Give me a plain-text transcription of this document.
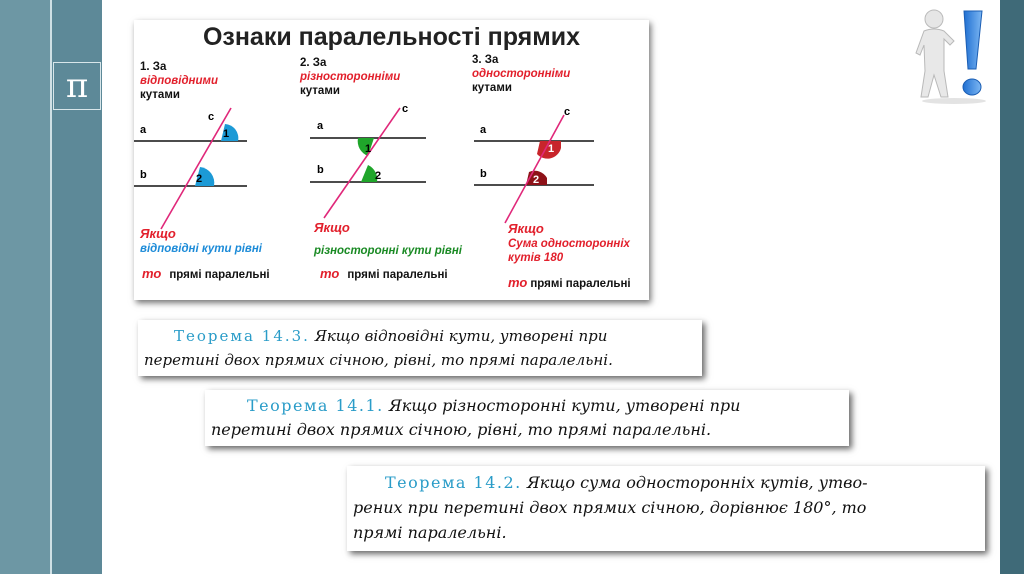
π
Ознаки паралельності прямих
c
a
b
1
2
c
a
b
1
2
c
a
b
1
2
1. За
відповідними
кутами
Якщо
відповідні кути рівні
то прямі паралельні
2. За
різносторонніми
кутами
Якщо
різносторонні кути рівні
то прямі паралельні
3. За
односторонніми
кутами
Якщо
Сума односторонніх
кутів 180
то прямі паралельні
Теорема 14.3. Якщо відповідні кути, утворені при
перетині двох прямих січною, рівні, то прямі паралельні.
Теорема 14.1. Якщо різносторонні кути, утворені при
перетині двох прямих січною, рівні, то прямі паралельні.
Теорема 14.2. Якщо сума односторонніх кутів, утво-
рених при перетині двох прямих січною, дорівнює 180°, то
прямі паралельні.
